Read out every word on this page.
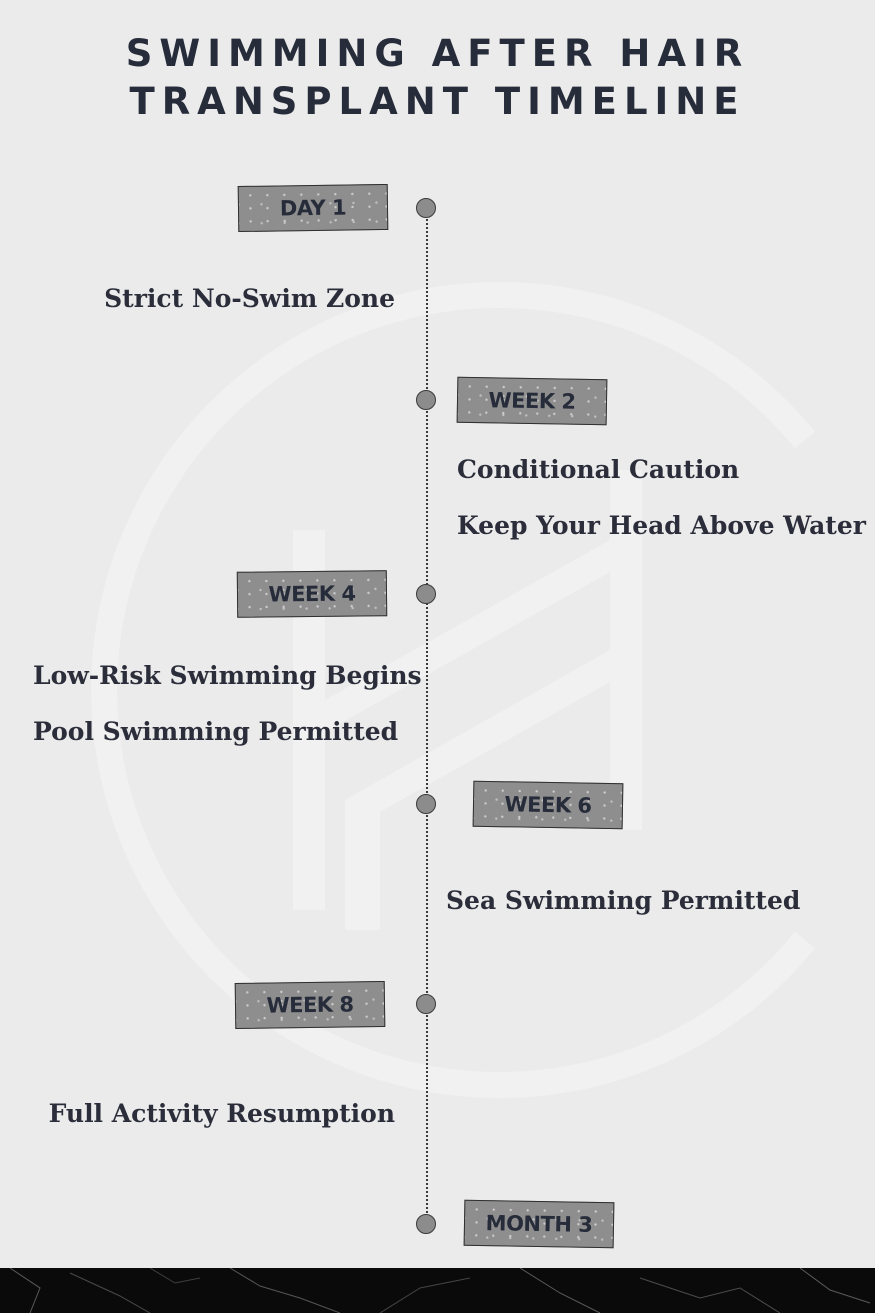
SWIMMING AFTER HAIR
TRANSPLANT TIMELINE
DAY 1
Strict No-Swim Zone
WEEK 2
Conditional Caution
Keep Your Head Above Water
WEEK 4
Low-Risk Swimming Begins
Pool Swimming Permitted
WEEK 6
Sea Swimming Permitted
WEEK 8
Full Activity Resumption
MONTH 3
